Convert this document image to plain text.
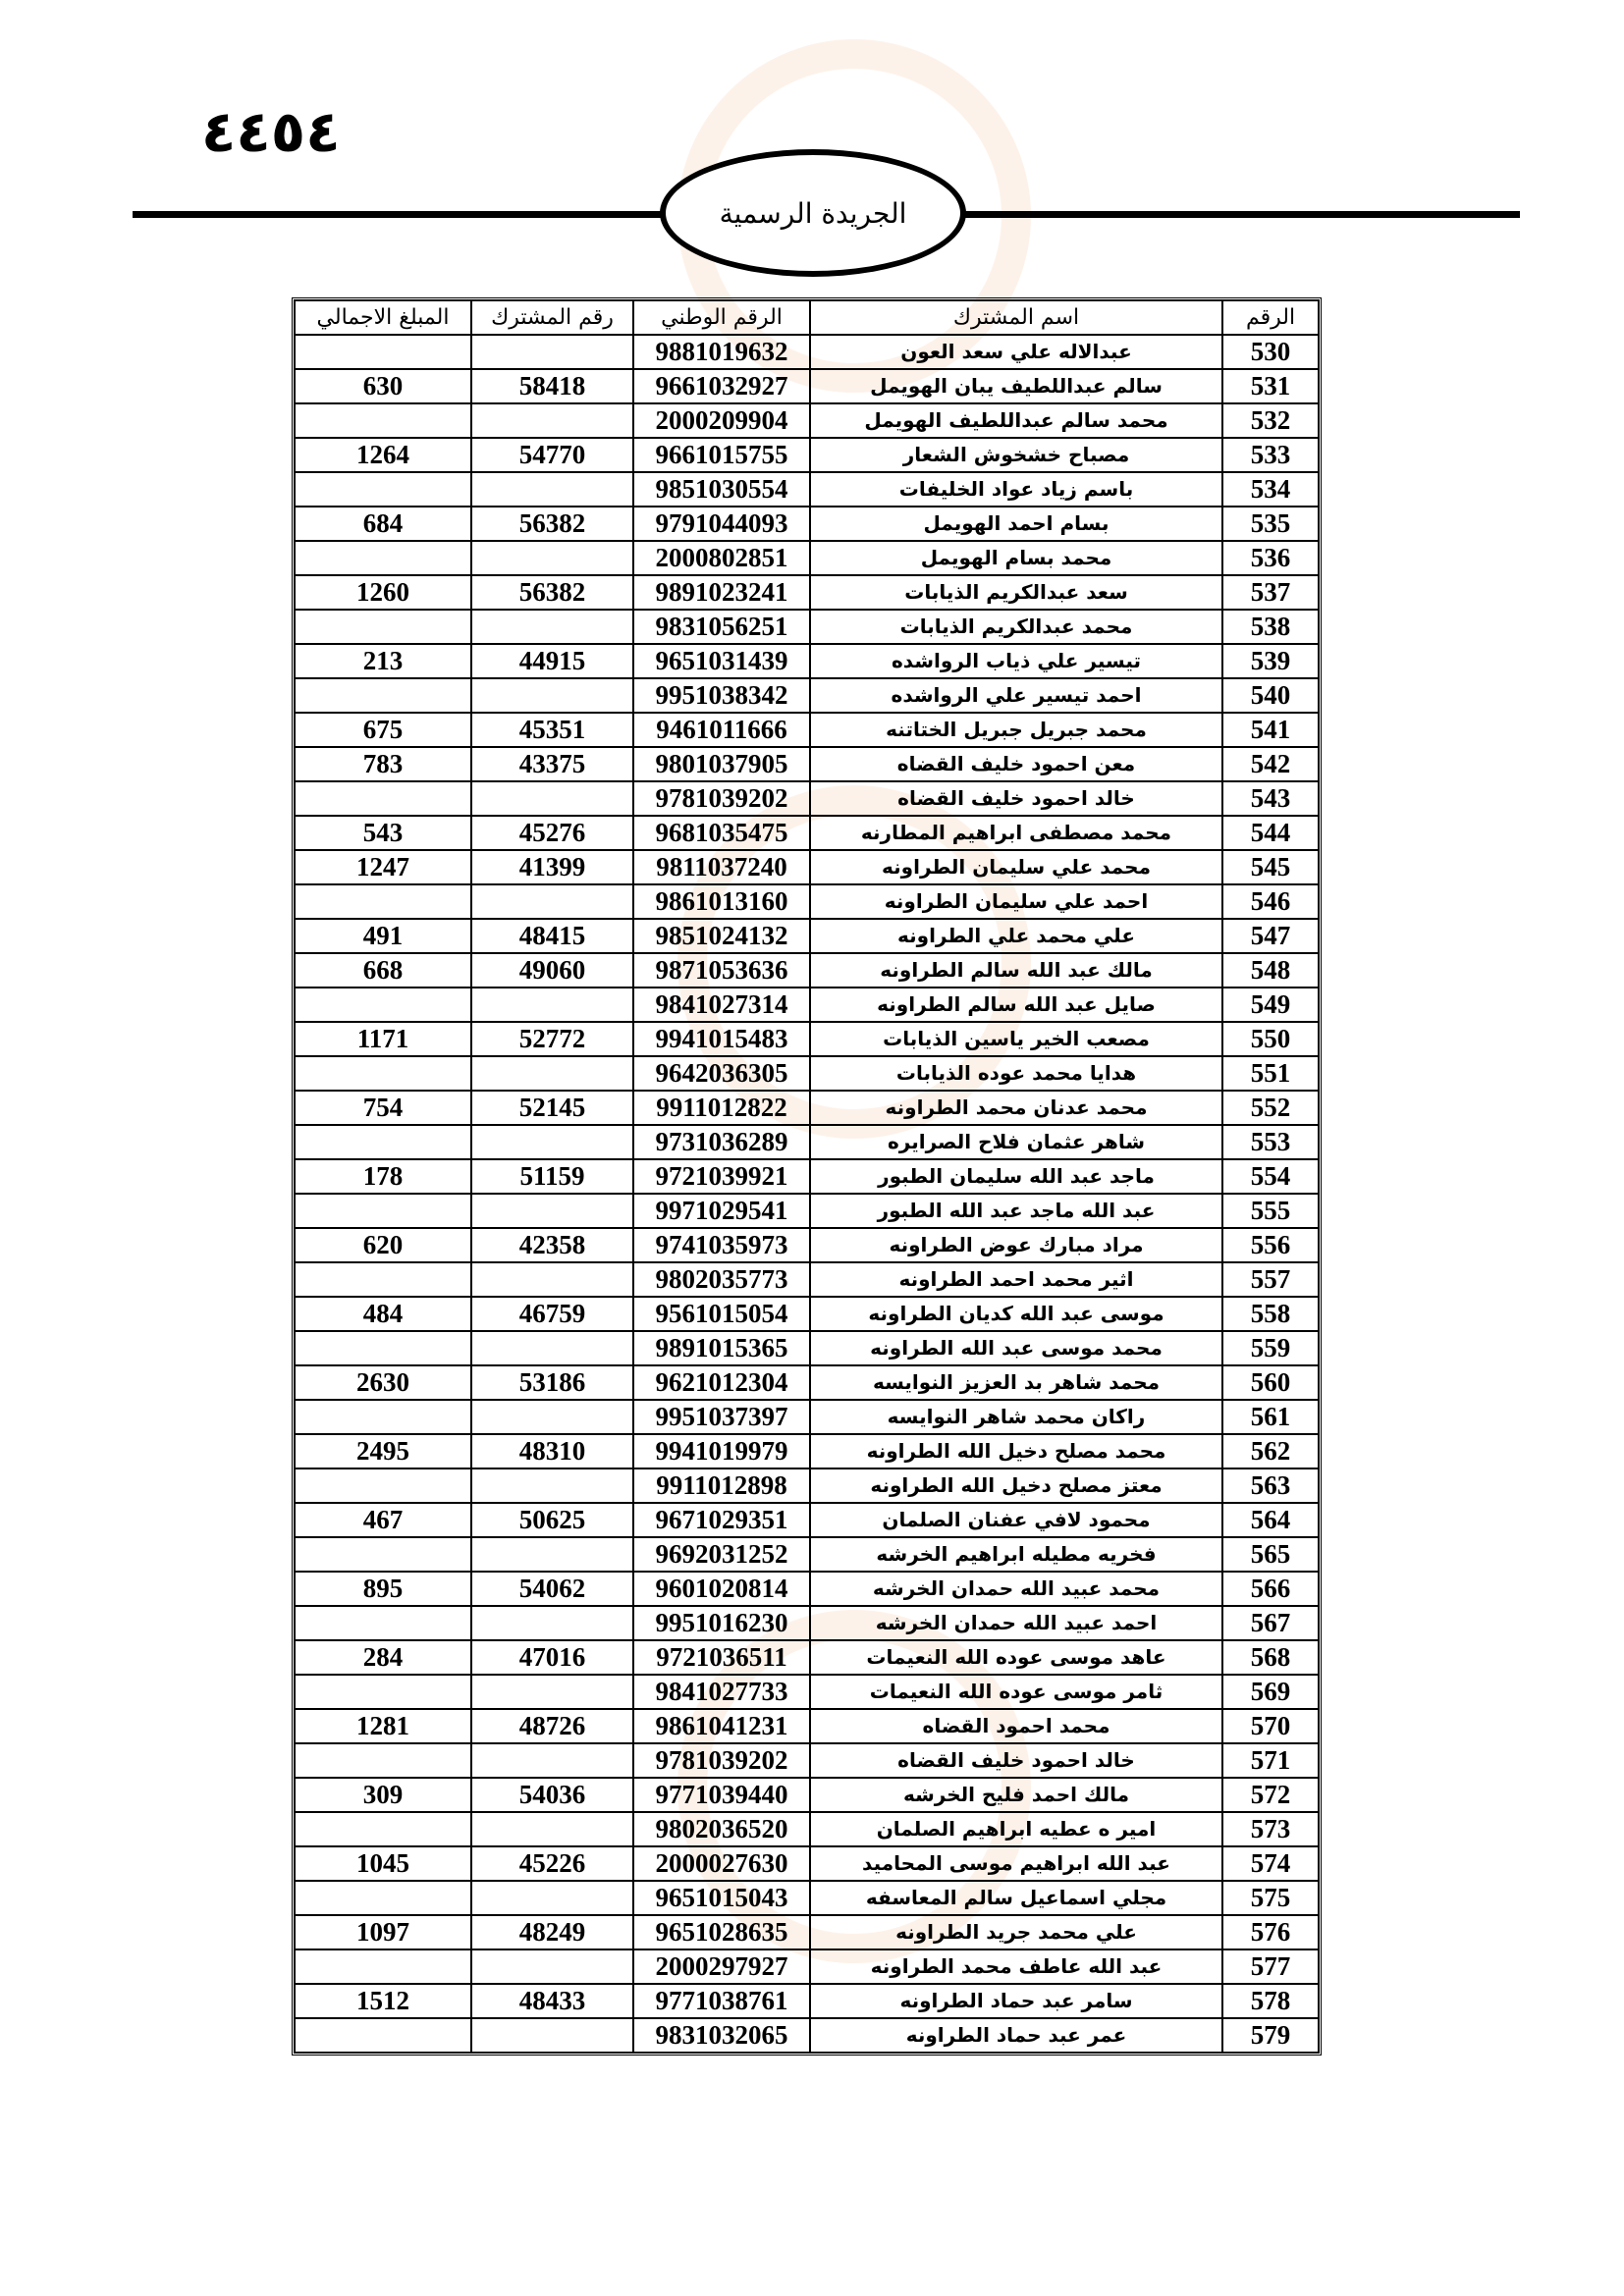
٤٤٥٤
الجريدة الرسمية
الرقم	اسم المشترك	الرقم الوطني	رقم المشترك	المبلغ الاجمالي
530	عبدالاله علي سعد العون	9881019632		
531	سالم عبداللطيف يبان الهويمل	9661032927	58418	630
532	محمد سالم عبداللطيف الهويمل	2000209904		
533	مصباح خشخوش الشعار	9661015755	54770	1264
534	باسم زياد عواد الخليفات	9851030554		
535	بسام احمد الهويمل	9791044093	56382	684
536	محمد بسام الهويمل	2000802851		
537	سعد عبدالكريم الذيابات	9891023241	56382	1260
538	محمد عبدالكريم الذيابات	9831056251		
539	تيسير علي ذياب الرواشده	9651031439	44915	213
540	احمد تيسير علي الرواشده	9951038342		
541	محمد جبريل جبريل الختاتنه	9461011666	45351	675
542	معن احمود خليف القضاه	9801037905	43375	783
543	خالد احمود خليف القضاه	9781039202		
544	محمد مصطفى ابراهيم المطارنه	9681035475	45276	543
545	محمد علي سليمان الطراونه	9811037240	41399	1247
546	احمد علي سليمان الطراونه	9861013160		
547	علي محمد علي الطراونه	9851024132	48415	491
548	مالك عبد الله سالم الطراونه	9871053636	49060	668
549	صايل عبد الله سالم الطراونه	9841027314		
550	مصعب الخير ياسين الذيابات	9941015483	52772	1171
551	هدايا محمد عوده الذيابات	9642036305		
552	محمد عدنان محمد الطراونه	9911012822	52145	754
553	شاهر عثمان فلاح الصرايره	9731036289		
554	ماجد عبد الله سليمان الطبور	9721039921	51159	178
555	عبد الله ماجد عبد الله الطبور	9971029541		
556	مراد مبارك عوض الطراونه	9741035973	42358	620
557	اثير محمد احمد الطراونه	9802035773		
558	موسى عبد الله كديان الطراونه	9561015054	46759	484
559	محمد موسى عبد الله الطراونه	9891015365		
560	محمد شاهر بد العزيز النوايسه	9621012304	53186	2630
561	راكان محمد شاهر النوايسه	9951037397		
562	محمد مصلح دخيل الله الطراونه	9941019979	48310	2495
563	معتز مصلح دخيل الله الطراونه	9911012898		
564	محمود لافي عفنان الصلمان	9671029351	50625	467
565	فخريه مطيله ابراهيم الخرشه	9692031252		
566	محمد عبيد الله حمدان الخرشه	9601020814	54062	895
567	احمد عبيد الله حمدان الخرشه	9951016230		
568	عاهد موسى عوده الله النعيمات	9721036511	47016	284
569	ثامر موسى عوده الله النعيمات	9841027733		
570	محمد احمود القضاه	9861041231	48726	1281
571	خالد احمود خليف القضاه	9781039202		
572	مالك احمد فليح الخرشه	9771039440	54036	309
573	امير ه عطيه ابراهيم الصلمان	9802036520		
574	عبد الله ابراهيم موسى المحاميد	2000027630	45226	1045
575	مجلي اسماعيل سالم المعاسفه	9651015043		
576	علي محمد جريد الطراونه	9651028635	48249	1097
577	عبد الله عاطف محمد الطراونه	2000297927		
578	سامر عبد حماد الطراونه	9771038761	48433	1512
579	عمر عبد حماد الطراونه	9831032065		
